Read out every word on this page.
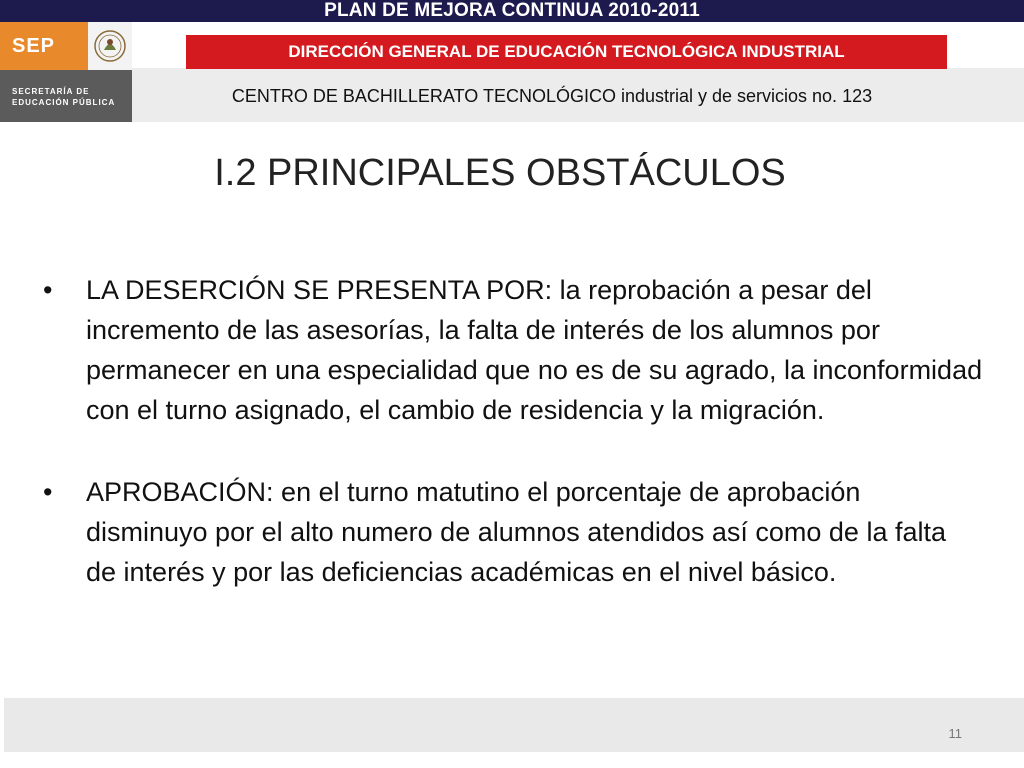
PLAN DE MEJORA CONTINUA 2010-2011
SEP
SECRETARÍA DE
EDUCACIÓN PÚBLICA
DIRECCIÓN GENERAL DE EDUCACIÓN TECNOLÓGICA INDUSTRIAL
CENTRO DE BACHILLERATO TECNOLÓGICO industrial y de servicios no. 123
I.2 PRINCIPALES OBSTÁCULOS
• LA DESERCIÓN SE PRESENTA POR: la reprobación a pesar del incremento de las asesorías, la falta de interés de los alumnos por permanecer en una especialidad que no es de su agrado, la inconformidad con el turno asignado, el cambio de residencia y la migración.
• APROBACIÓN: en el turno matutino el porcentaje de aprobación disminuyo por el alto numero de alumnos atendidos así como de la falta de interés y por las deficiencias académicas en el nivel básico.
11
